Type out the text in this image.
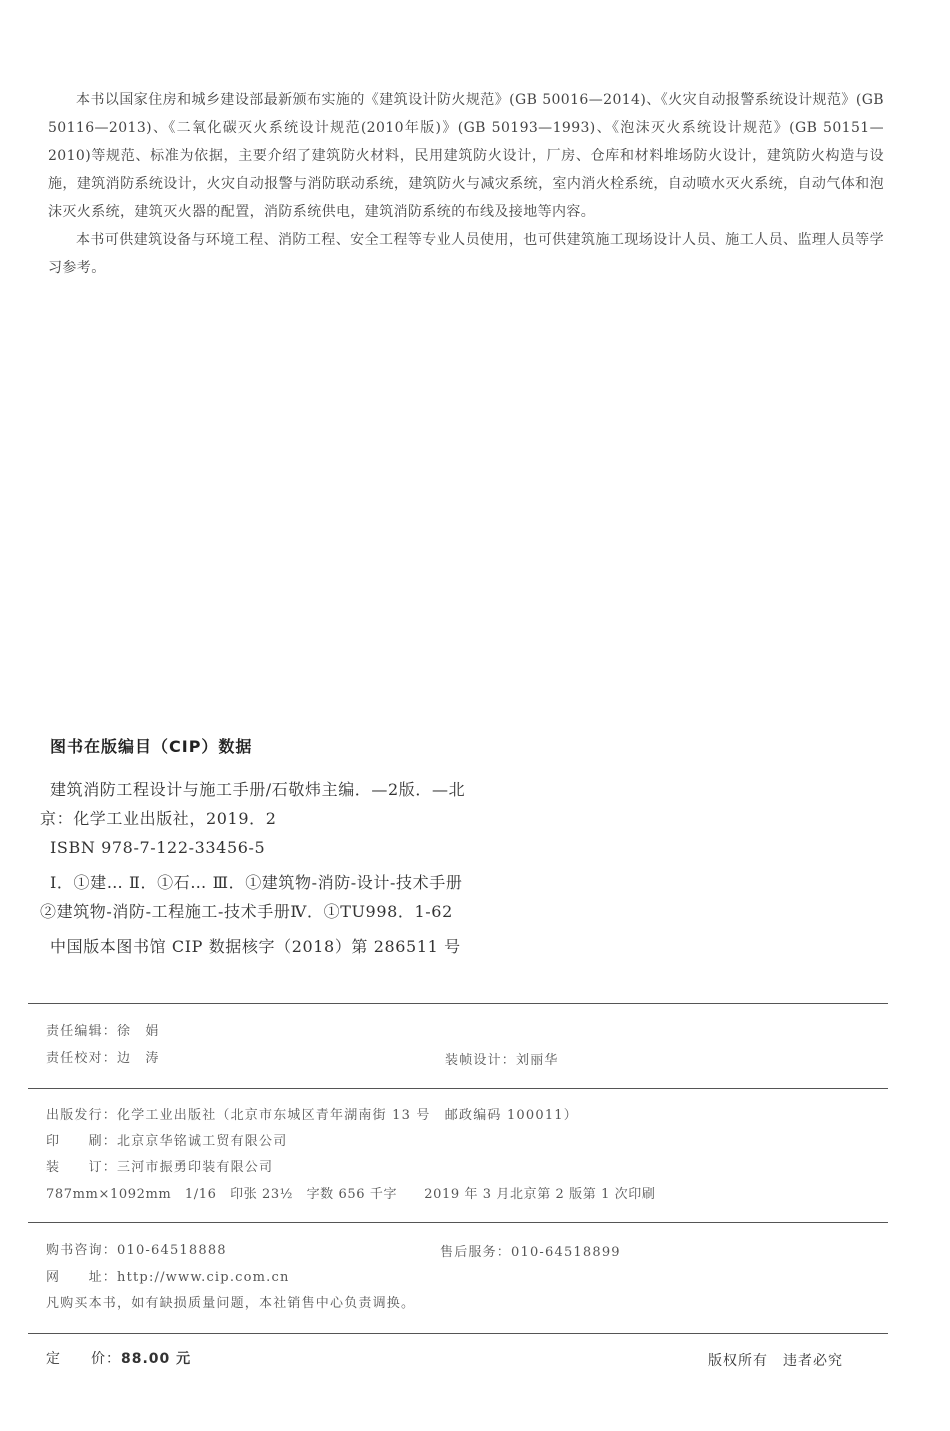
本书以国家住房和城乡建设部最新颁布实施的《建筑设计防火规范》(GB 50016—2014)、《火灾自动报警系统设计规范》(GB 50116—2013)、《二氧化碳灭火系统设计规范(2010年版)》(GB 50193—1993)、《泡沫灭火系统设计规范》(GB 50151—2010)等规范、标准为依据，主要介绍了建筑防火材料，民用建筑防火设计，厂房、仓库和材料堆场防火设计，建筑防火构造与设施，建筑消防系统设计，火灾自动报警与消防联动系统，建筑防火与减灾系统，室内消火栓系统，自动喷水灭火系统，自动气体和泡沫灭火系统，建筑灭火器的配置，消防系统供电，建筑消防系统的布线及接地等内容。

本书可供建筑设备与环境工程、消防工程、安全工程等专业人员使用，也可供建筑施工现场设计人员、施工人员、监理人员等学习参考。

图书在版编目（CIP）数据
建筑消防工程设计与施工手册/石敬炜主编．—2版．—北
京：化学工业出版社，2019．2
ISBN 978-7-122-33456-5
Ⅰ．①建… Ⅱ．①石… Ⅲ．①建筑物-消防-设计-技术手册
②建筑物-消防-工程施工-技术手册Ⅳ．①TU998．1-62
中国版本图书馆 CIP 数据核字（2018）第 286511 号
责任编辑：徐　娟
责任校对：边　涛	装帧设计：刘丽华
出版发行：化学工业出版社（北京市东城区青年湖南街 13 号　邮政编码 100011）
印　　刷：北京京华铭诚工贸有限公司
装　　订：三河市振勇印装有限公司
787mm×1092mm　1/16　印张 23½　字数 656 千字　　2019 年 3 月北京第 2 版第 1 次印刷
购书咨询：010-64518888	售后服务：010-64518899
网　　址：http://www.cip.com.cn
凡购买本书，如有缺损质量问题，本社销售中心负责调换。
定　　价：88.00 元	版权所有　违者必究
